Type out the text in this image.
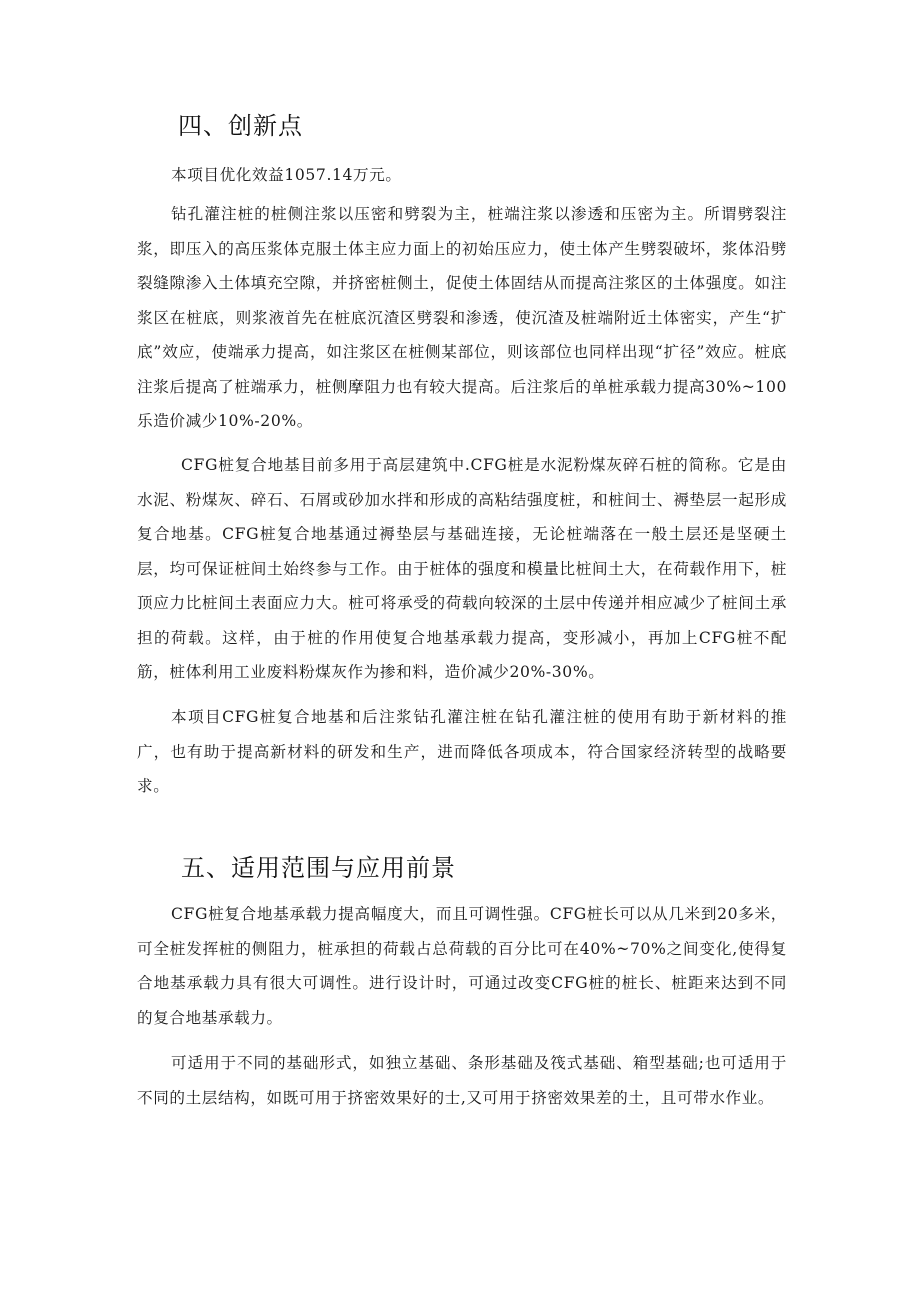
四、创新点

本项目优化效益1057.14万元。

钻孔灌注桩的桩侧注浆以压密和劈裂为主，桩端注浆以渗透和压密为主。所谓劈裂注浆，即压入的高压浆体克服土体主应力面上的初始压应力，使土体产生劈裂破坏，浆体沿劈裂缝隙渗入土体填充空隙，并挤密桩侧土，促使土体固结从而提高注浆区的土体强度。如注浆区在桩底，则浆液首先在桩底沉渣区劈裂和渗透，使沉渣及桩端附近土体密实，产生“扩底”效应，使端承力提高，如注浆区在桩侧某部位，则该部位也同样出现“扩径”效应。桩底注浆后提高了桩端承力，桩侧摩阻力也有较大提高。后注浆后的单桩承载力提高30%~100乐造价减少10%-20%。

CFG桩复合地基目前多用于高层建筑中.CFG桩是水泥粉煤灰碎石桩的简称。它是由水泥、粉煤灰、碎石、石屑或砂加水拌和形成的高粘结强度桩，和桩间士、褥垫层一起形成复合地基。CFG桩复合地基通过褥垫层与基础连接，无论桩端落在一般土层还是坚硬土层，均可保证桩间土始终参与工作。由于桩体的强度和模量比桩间土大，在荷载作用下，桩顶应力比桩间土表面应力大。桩可将承受的荷载向较深的土层中传递并相应减少了桩间土承担的荷载。这样，由于桩的作用使复合地基承载力提高，变形减小，再加上CFG桩不配筋，桩体利用工业废料粉煤灰作为掺和料，造价减少20%-30%。

本项目CFG桩复合地基和后注浆钻孔灌注桩在钻孔灌注桩的使用有助于新材料的推广，也有助于提高新材料的研发和生产，进而降低各项成本，符合国家经济转型的战略要求。

五、适用范围与应用前景

CFG桩复合地基承载力提高幅度大，而且可调性强。CFG桩长可以从几米到20多米，可全桩发挥桩的侧阻力，桩承担的荷载占总荷载的百分比可在40%~70%之间变化,使得复合地基承载力具有很大可调性。进行设计时，可通过改变CFG桩的桩长、桩距来达到不同的复合地基承载力。

可适用于不同的基础形式，如独立基础、条形基础及筏式基础、箱型基础;也可适用于不同的土层结构，如既可用于挤密效果好的士,又可用于挤密效果差的土，且可带水作业。
